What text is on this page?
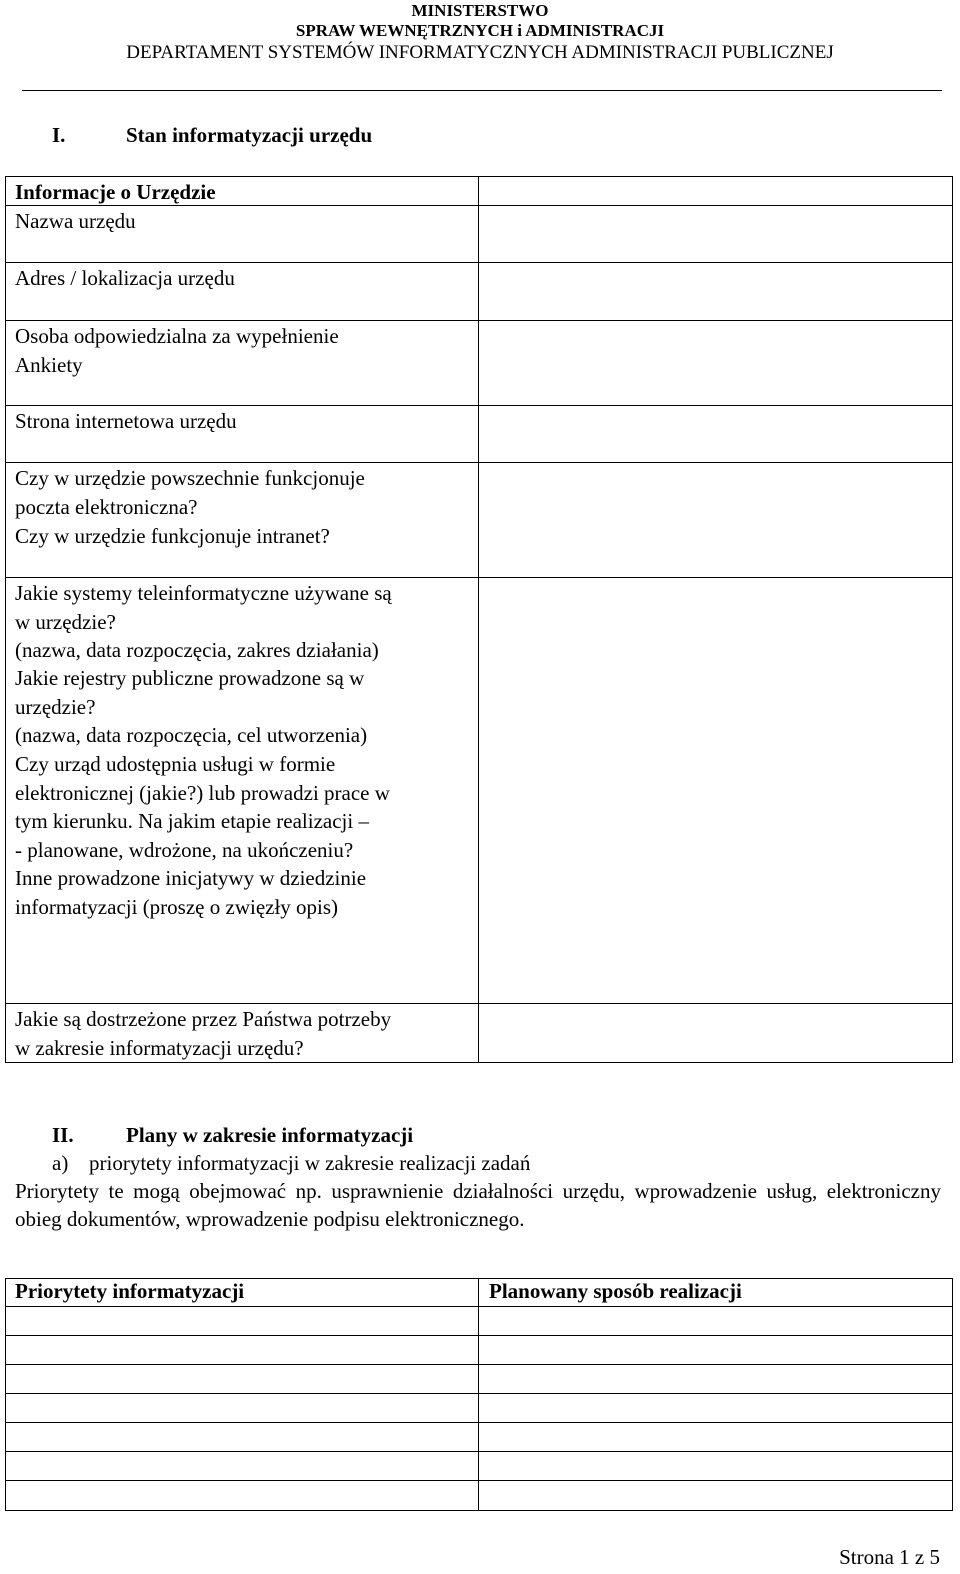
MINISTERSTWO
SPRAW WEWNĘTRZNYCH i ADMINISTRACJI
DEPARTAMENT SYSTEMÓW INFORMATYCZNYCH ADMINISTRACJI PUBLICZNEJ
I.	Stan informatyzacji urzędu
Informacje o Urzędzie
Nazwa urzędu
Adres / lokalizacja urzędu
Osoba odpowiedzialna za wypełnienie
Ankiety
Strona internetowa urzędu
Czy w urzędzie powszechnie funkcjonuje
poczta elektroniczna?
Czy w urzędzie funkcjonuje intranet?
Jakie systemy teleinformatyczne używane są
w urzędzie?
(nazwa, data rozpoczęcia, zakres działania)
Jakie rejestry publiczne prowadzone są w
urzędzie?
(nazwa, data rozpoczęcia, cel utworzenia)
Czy urząd udostępnia usługi w formie
elektronicznej (jakie?) lub prowadzi prace w
tym kierunku. Na jakim etapie realizacji –
- planowane, wdrożone, na ukończeniu?
Inne prowadzone inicjatywy w dziedzinie
informatyzacji (proszę o zwięzły opis)
Jakie są dostrzeżone przez Państwa potrzeby
w zakresie informatyzacji urzędu?
II. Plany w zakresie informatyzacji
a) priorytety informatyzacji w zakresie realizacji zadań
Priorytety te mogą obejmować np. usprawnienie działalności urzędu, wprowadzenie usług, elektroniczny obieg dokumentów, wprowadzenie podpisu elektronicznego.
Priorytety informatyzacji	Planowany sposób realizacji
Strona 1 z 5
